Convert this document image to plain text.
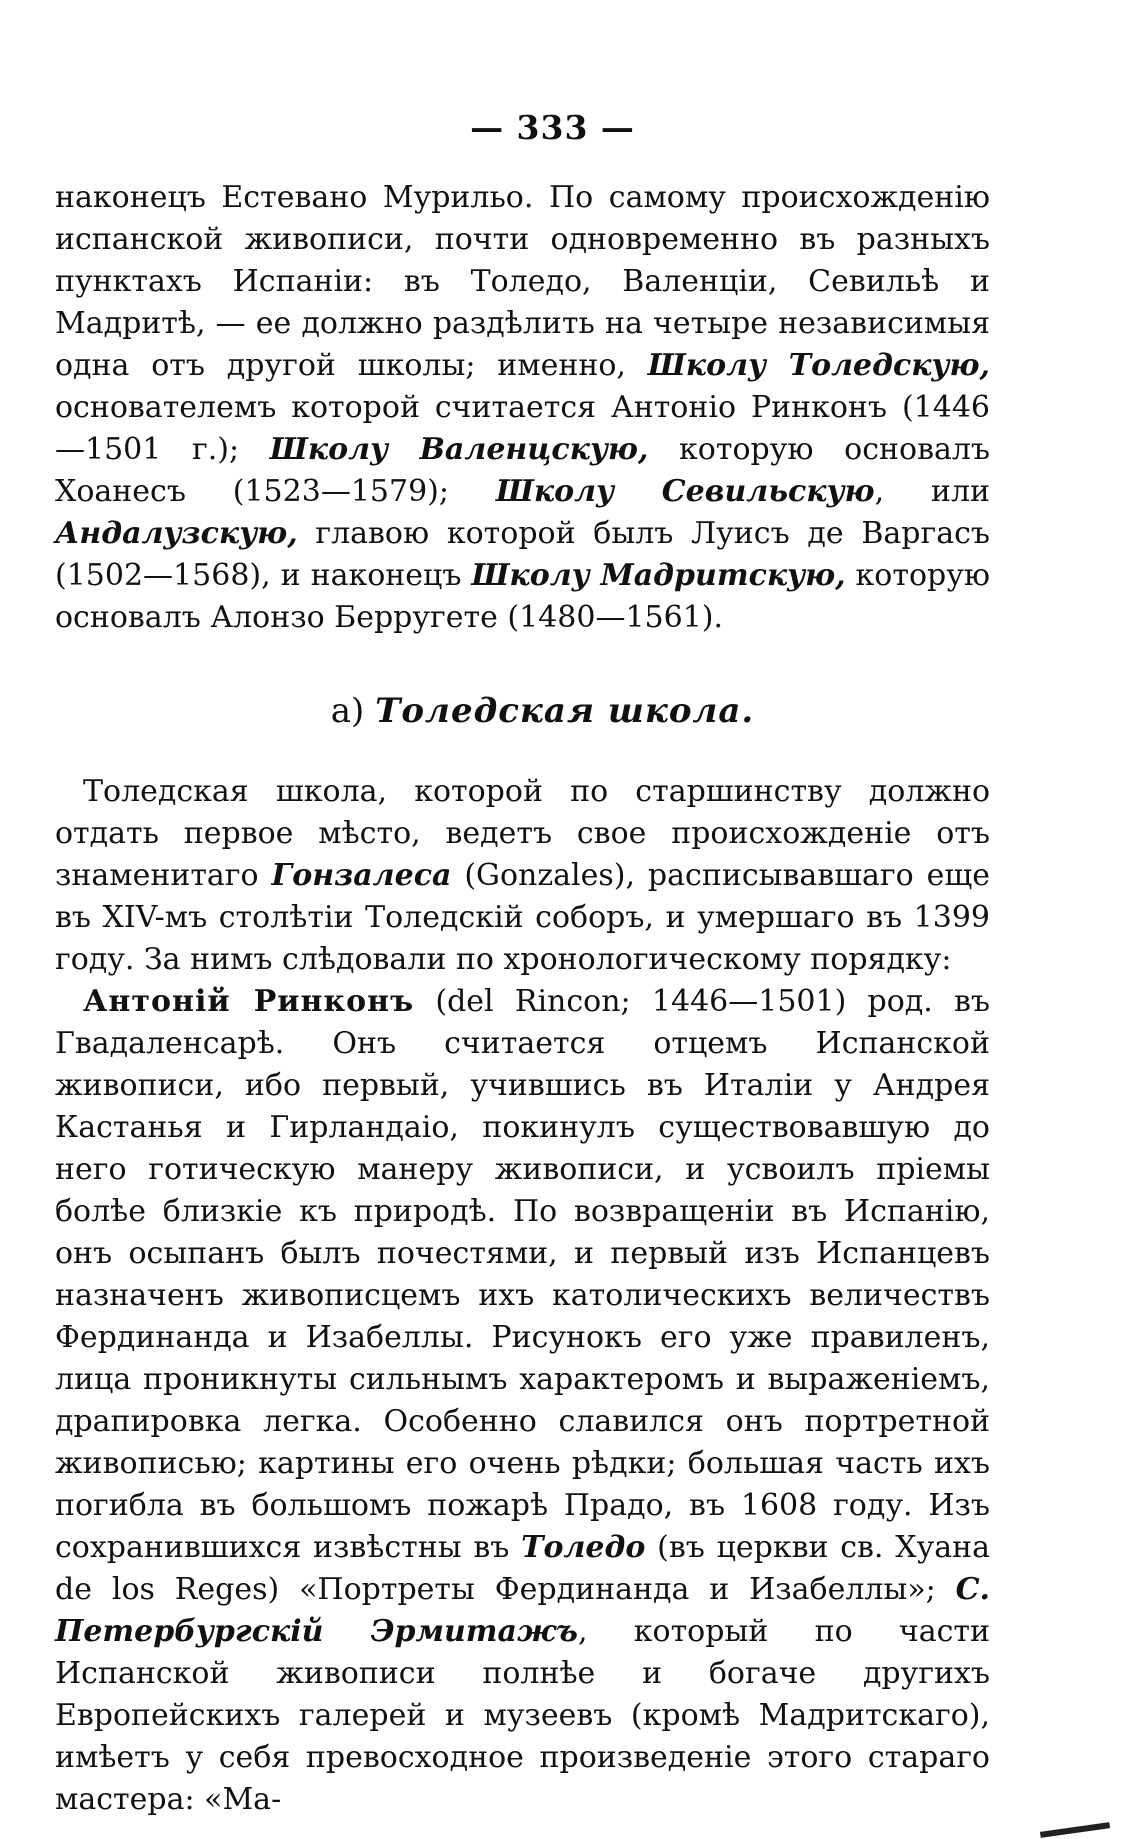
— 333 —

наконецъ Естевано Мурильо. По самому происхожденію испанской живописи, почти одновременно въ разныхъ пунктахъ Испаніи: въ Толедо, Валенціи, Севильѣ и Мадритѣ, — ее должно раздѣлить на четыре независимыя одна отъ другой школы; именно, Школу Толедскую, основателемъ которой считается Антоніо Ринконъ (1446—1501 г.); Школу Валенцскую, которую основалъ Хоанесъ (1523—1579); Школу Севильскую, или Андалузскую, главою которой былъ Луисъ де Варгасъ (1502—1568), и наконецъ Школу Мадритскую, которую основалъ Алонзо Берругете (1480—1561).

а) Толедская школа.

Толедская школа, которой по старшинству должно отдать первое мѣсто, ведетъ свое происхожденіе отъ знаменитаго Гонзалеса (Gonzales), расписывавшаго еще въ XIV-мъ столѣтіи Толедскій соборъ, и умершаго въ 1399 году. За нимъ слѣдовали по хронологическому порядку:

Антоній Ринконъ (del Rincon; 1446—1501) род. въ Гвадаленсарѣ. Онъ считается отцемъ Испанской живописи, ибо первый, учившись въ Италіи у Андрея Кастанья и Гирландаіо, покинулъ существовавшую до него готическую манеру живописи, и усвоилъ пріемы болѣе близкіе къ природѣ. По возвращеніи въ Испанію, онъ осыпанъ былъ почестями, и первый изъ Испанцевъ назначенъ живописцемъ ихъ католическихъ величествъ Фердинанда и Изабеллы. Рисунокъ его уже правиленъ, лица проникнуты сильнымъ характеромъ и выраженіемъ, драпировка легка. Особенно славился онъ портретной живописью; картины его очень рѣдки; большая часть ихъ погибла въ большомъ пожарѣ Прадо, въ 1608 году. Изъ сохранившихся извѣстны въ Толедо (въ церкви св. Хуана de los Reges) «Портреты Фердинанда и Изабеллы»; С. Петербургскій Эрмитажъ, который по части Испанской живописи полнѣе и богаче другихъ Европейскихъ галерей и музеевъ (кромѣ Мадритскаго), имѣетъ у себя превосходное произведеніе этого стараго мастера: «Ма-
